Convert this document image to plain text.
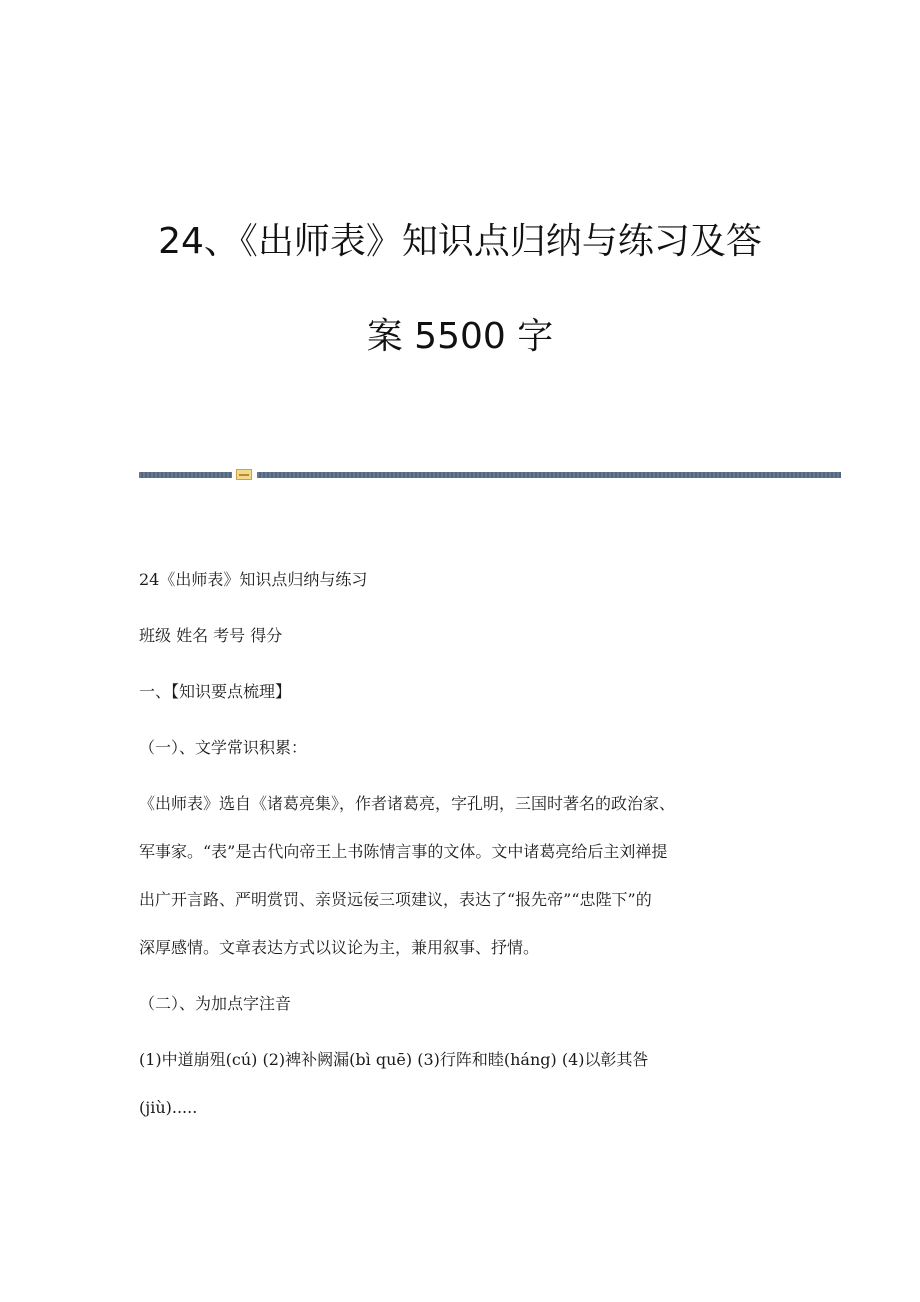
24、《出师表》知识点归纳与练习及答
案 5500 字
24《出师表》知识点归纳与练习
班级 姓名 考号 得分
一、【知识要点梳理】
（一）、文学常识积累：
《出师表》选自《诸葛亮集》，作者诸葛亮，字孔明，三国时著名的政治家、
军事家。“表”是古代向帝王上书陈情言事的文体。文中诸葛亮给后主刘禅提
出广开言路、严明赏罚、亲贤远佞三项建议，表达了“报先帝”“忠陛下”的
深厚感情。文章表达方式以议论为主，兼用叙事、抒情。
（二）、为加点字注音
(1)中道崩殂(cú) (2)裨补阙漏(bì quē) (3)行阵和睦(háng) (4)以彰其咎
(jiù).....
